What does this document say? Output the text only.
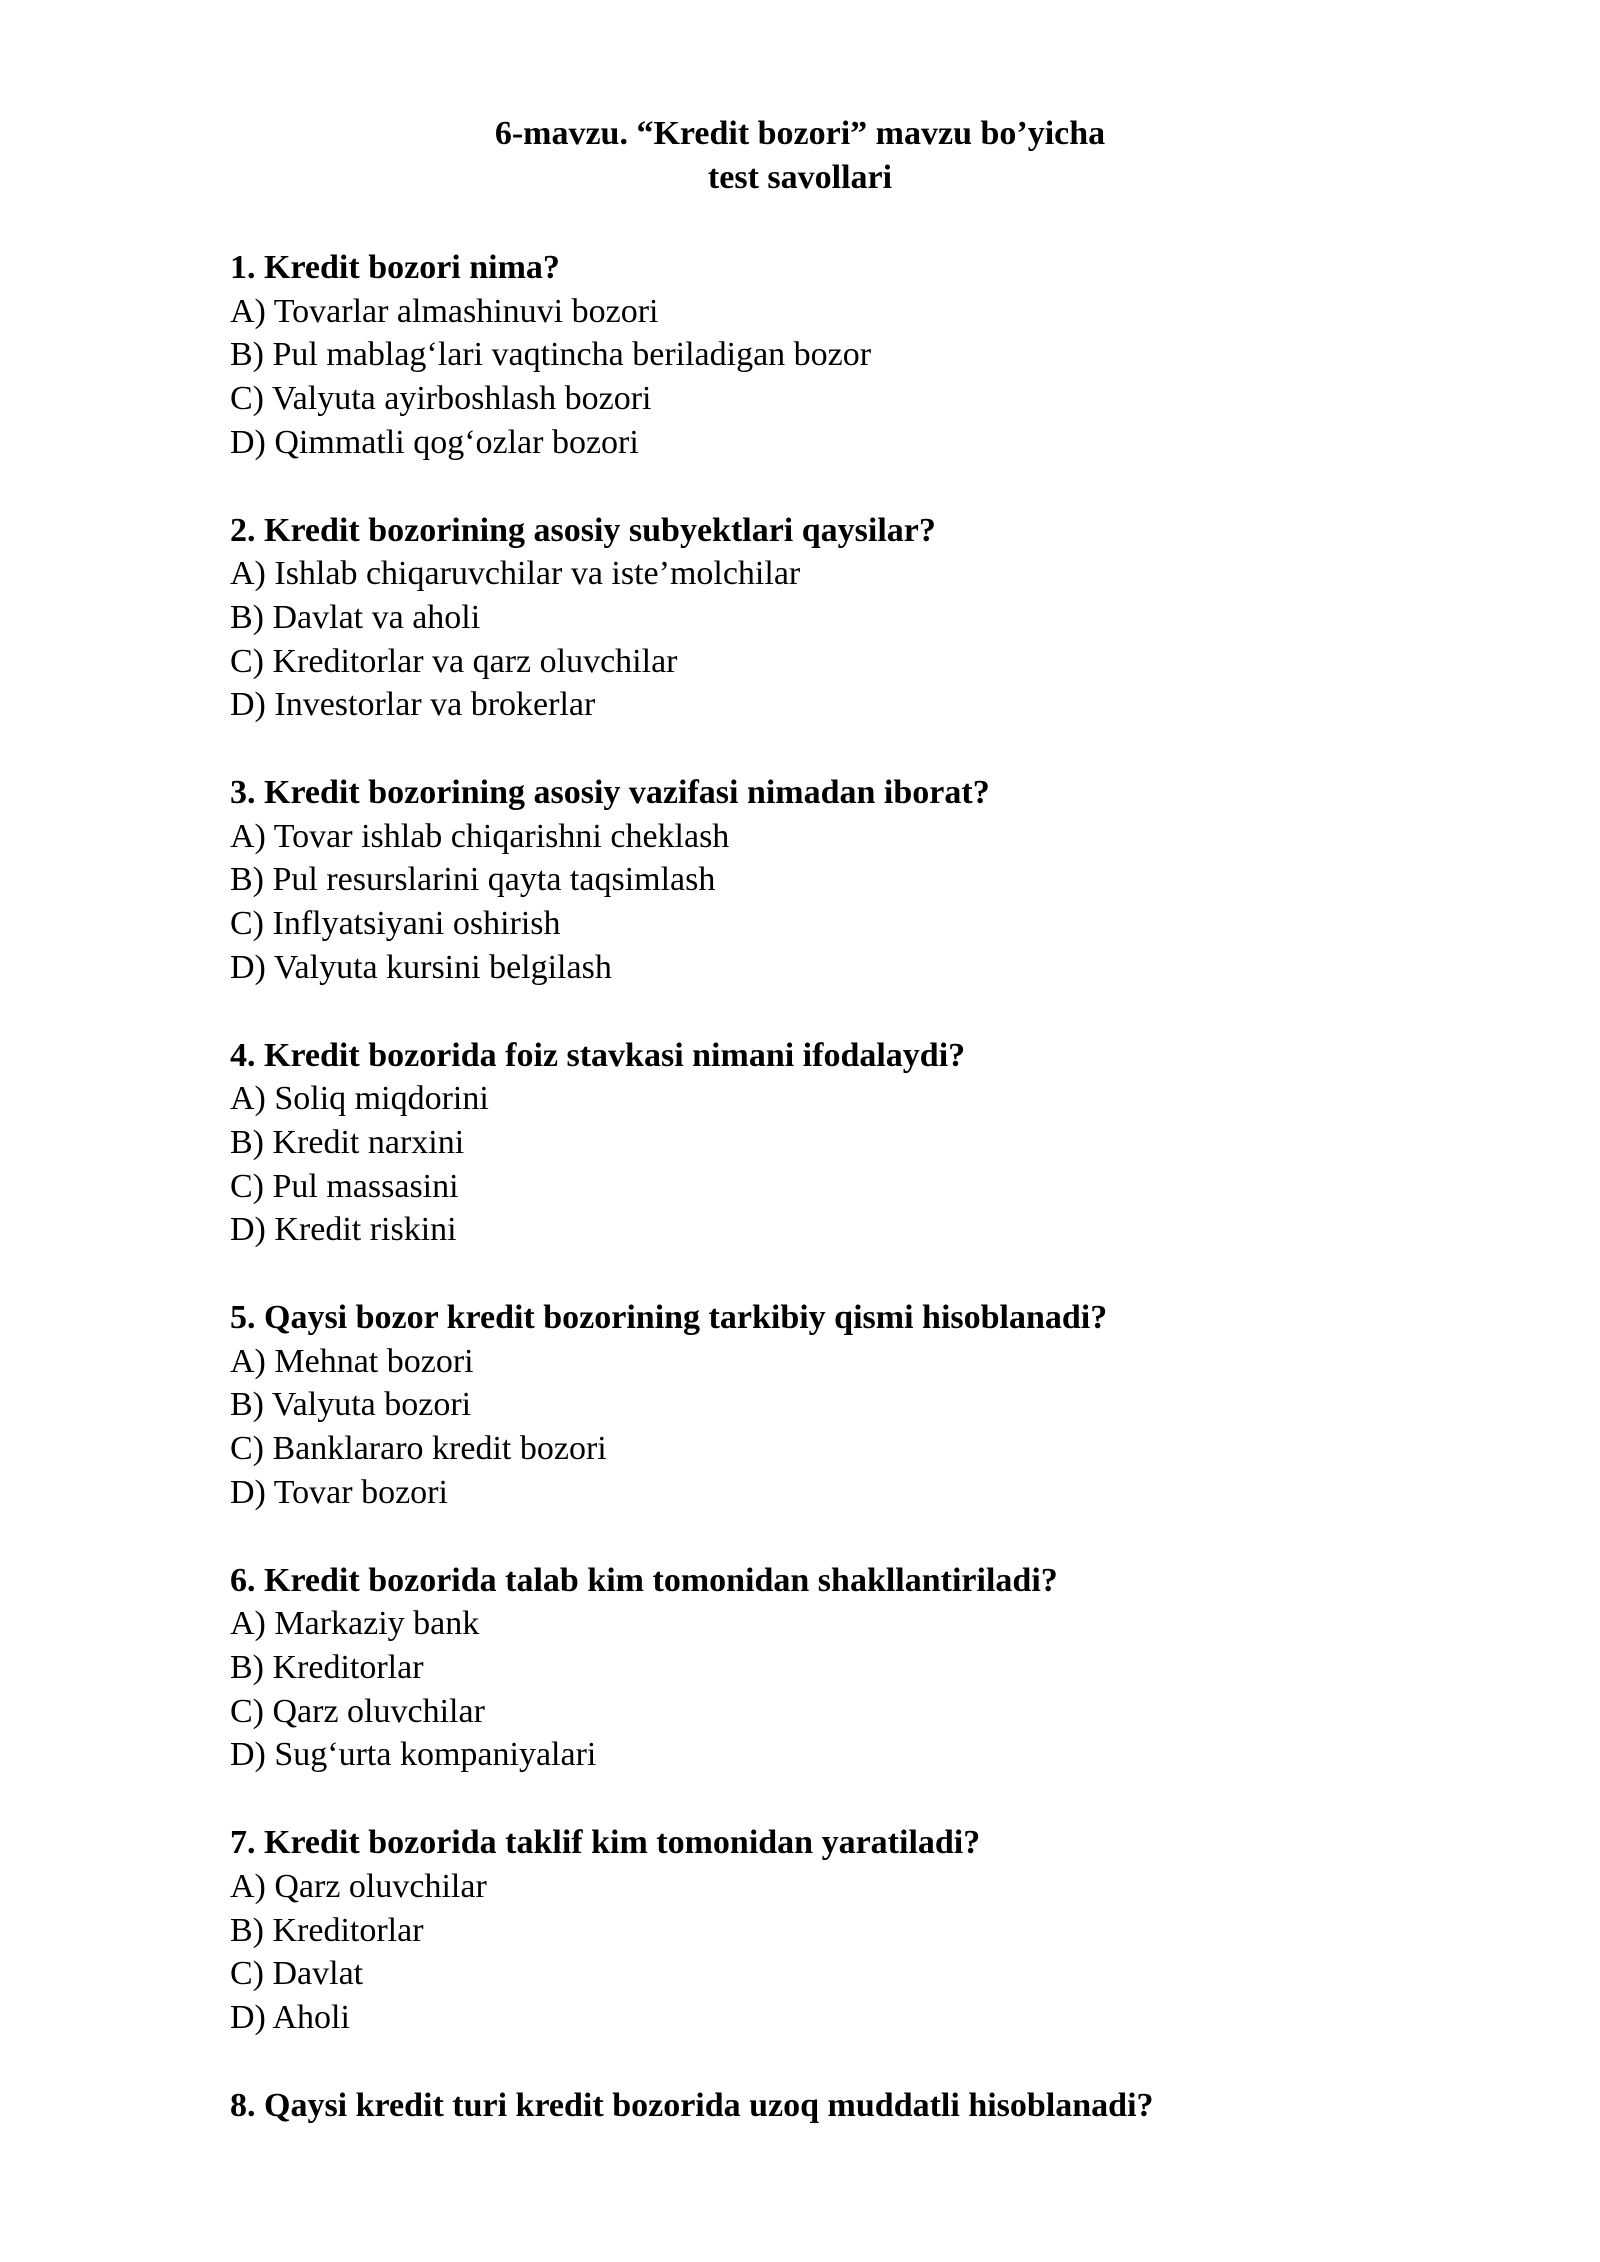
6-mavzu. “Kredit bozori” mavzu bo’yicha
test savollari
1. Kredit bozori nima?
A) Tovarlar almashinuvi bozori
B) Pul mablag‘lari vaqtincha beriladigan bozor
C) Valyuta ayirboshlash bozori
D) Qimmatli qog‘ozlar bozori
2. Kredit bozorining asosiy subyektlari qaysilar?
A) Ishlab chiqaruvchilar va iste’molchilar
B) Davlat va aholi
C) Kreditorlar va qarz oluvchilar
D) Investorlar va brokerlar
3. Kredit bozorining asosiy vazifasi nimadan iborat?
A) Tovar ishlab chiqarishni cheklash
B) Pul resurslarini qayta taqsimlash
C) Inflyatsiyani oshirish
D) Valyuta kursini belgilash
4. Kredit bozorida foiz stavkasi nimani ifodalaydi?
A) Soliq miqdorini
B) Kredit narxini
C) Pul massasini
D) Kredit riskini
5. Qaysi bozor kredit bozorining tarkibiy qismi hisoblanadi?
A) Mehnat bozori
B) Valyuta bozori
C) Banklararo kredit bozori
D) Tovar bozori
6. Kredit bozorida talab kim tomonidan shakllantiriladi?
A) Markaziy bank
B) Kreditorlar
C) Qarz oluvchilar
D) Sug‘urta kompaniyalari
7. Kredit bozorida taklif kim tomonidan yaratiladi?
A) Qarz oluvchilar
B) Kreditorlar
C) Davlat
D) Aholi
8. Qaysi kredit turi kredit bozorida uzoq muddatli hisoblanadi?
